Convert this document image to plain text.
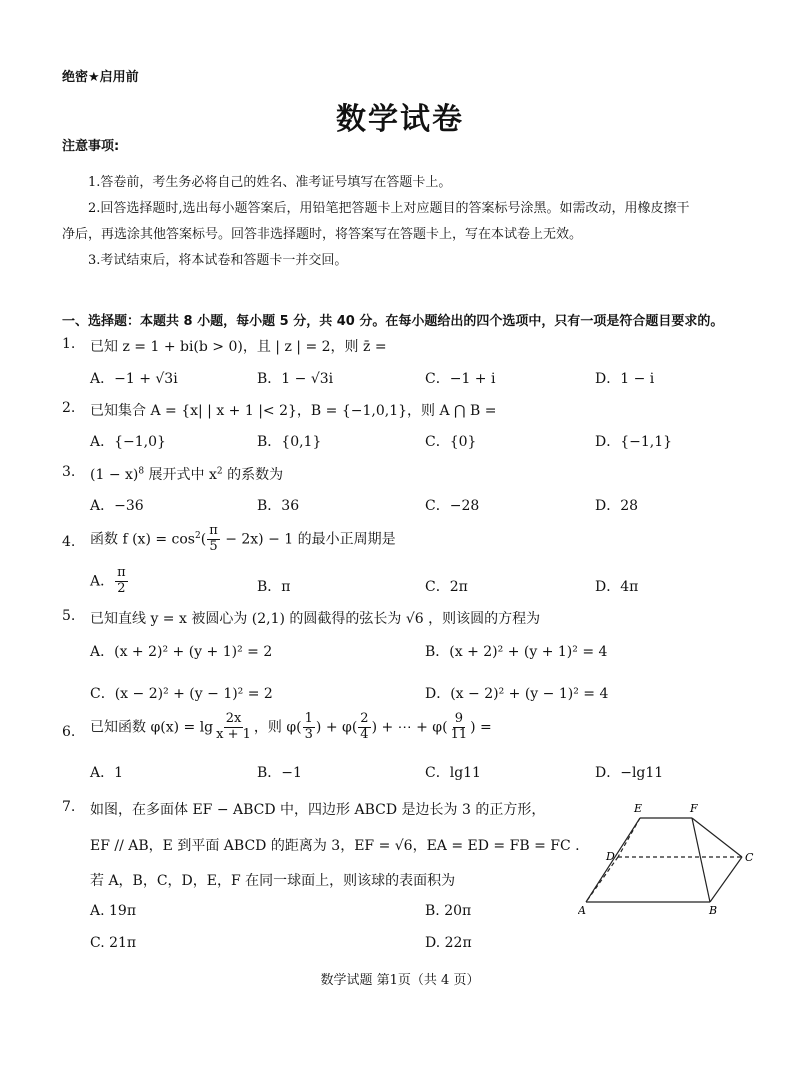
绝密★启用前
数学试卷
注意事项:
1.答卷前，考生务必将自己的姓名、准考证号填写在答题卡上。
2.回答选择题时,选出每小题答案后，用铅笔把答题卡上对应题目的答案标号涂黑。如需改动，用橡皮擦干
净后，再选涂其他答案标号。回答非选择题时，将答案写在答题卡上，写在本试卷上无效。
3.考试结束后，将本试卷和答题卡一并交回。
一、选择题：本题共 8 小题，每小题 5 分，共 40 分。在每小题给出的四个选项中，只有一项是符合题目要求的。
1. 已知 z = 1 + bi(b > 0)，且 | z | = 2，则 z̄ =
A．−1 + √3i	B．1 − √3i	C．−1 + i	D．1 − i
2. 已知集合 A = {x| | x + 1 |< 2}，B = {−1,0,1}，则 A ⋂ B =
A．{−1,0}	B．{0,1}	C．{0}	D．{−1,1}
3. $(1 - x)^8$ 展开式中 $x^2$ 的系数为
A．−36	B．36	C．−28	D．28
4. 函数 f $(x) = \cos^2( \frac{\pi}{5} - 2x) - 1$ 的最小正周期是
A． $\frac{\pi}{2}$	B．π	C．2π	D．4π
5. 已知直线 y = x 被圆心为 (2,1) 的圆截得的弦长为 √6 ，则该圆的方程为
A．(x + 2)² + (y + 1)² = 2	B．(x + 2)² + (y + 1)² = 4
C．(x − 2)² + (y − 1)² = 2	D．(x − 2)² + (y − 1)² = 4
6. 已知函数 $\varphi(x) = \lg \frac{2x}{x + 1}$ ，则 $\varphi( \frac{1}{3}$ ) + $\varphi( \frac{2}{4}$ ) + ⋯ + $\varphi( \frac{9}{11}$ ) =
A．1	B．−1	C．lg11	D．−lg11
7. 如图，在多面体 EF − ABCD 中，四边形 ABCD 是边长为 3 的正方形，
EF // AB，E 到平面 ABCD 的距离为 3，EF = √6，EA = ED = FB = FC .
若 A，B，C，D，E，F 在同一球面上，则该球的表面积为
A. 19π	B. 20π
C. 21π	D. 22π
E	F
D	C
A	B
数学试题 第1页（共 4 页）
